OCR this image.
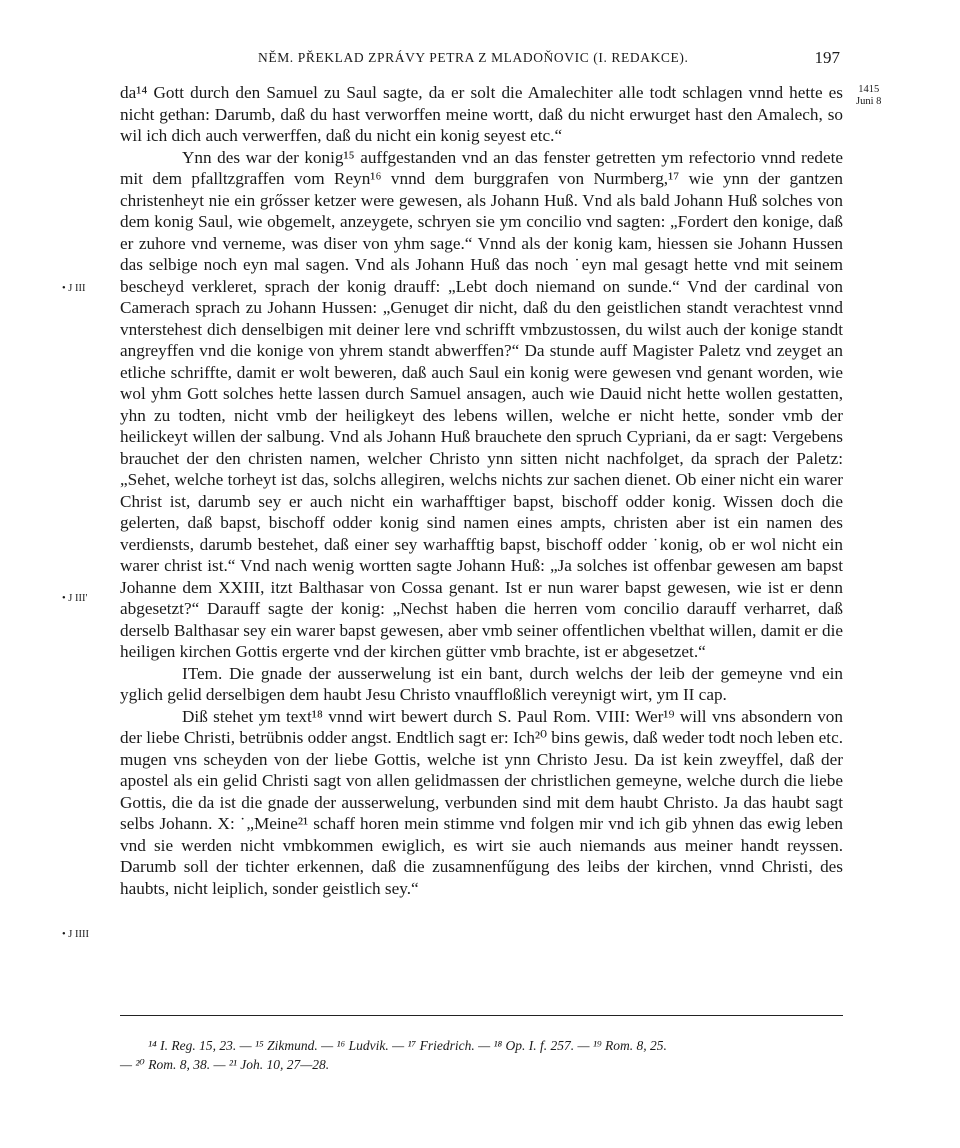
NĚM. PŘEKLAD ZPRÁVY PETRA Z MLADOŇOVIC (I. REDAKCE).	197
1415
Juni 8
• J III
• J III'
• J IIII

da¹⁴ Gott durch den Samuel zu Saul sagte, da er solt die Amalechiter alle todt schlagen vnnd hette es nicht gethan: Darumb, daß du hast verworffen meine wortt, daß du nicht erwurget hast den Amalech, so wil ich dich auch verwerffen, daß du nicht ein konig seyest etc.“

Ynn des war der konig¹⁵ auffgestanden vnd an das fenster getretten ym refectorio vnnd redete mit dem pfalltzgraffen vom Reyn¹⁶ vnnd dem burggrafen von Nurmberg,¹⁷ wie ynn der gantzen christenheyt nie ein grősser ketzer were gewesen, als Johann Huß. Vnd als bald Johann Huß solches von dem konig Saul, wie obgemelt, anzeygete, schryen sie ym concilio vnd sagten: „Fordert den konige, daß er zuhore vnd verneme, was diser von yhm sage.“ Vnnd als der konig kam, hiessen sie Johann Hussen das selbige noch eyn mal sagen. Vnd als Johann Huß das noch ˙eyn mal gesagt hette vnd mit seinem bescheyd verkleret, sprach der konig drauff: „Lebt doch niemand on sunde.“ Vnd der cardinal von Camerach sprach zu Johann Hussen: „Genuget dir nicht, daß du den geistlichen standt verachtest vnnd vnterstehest dich denselbigen mit deiner lere vnd schrifft vmbzustossen, du wilst auch der konige standt angreyffen vnd die konige von yhrem standt abwerffen?“ Da stunde auff Magister Paletz vnd zeyget an etliche schriffte, damit er wolt beweren, daß auch Saul ein konig were gewesen vnd genant worden, wie wol yhm Gott solches hette lassen durch Samuel ansagen, auch wie Dauid nicht hette wollen gestatten, yhn zu todten, nicht vmb der heiligkeyt des lebens willen, welche er nicht hette, sonder vmb der heilickeyt willen der salbung. Vnd als Johann Huß brauchete den spruch Cypriani, da er sagt: Vergebens brauchet der den christen namen, welcher Christo ynn sitten nicht nachfolget, da sprach der Paletz: „Sehet, welche torheyt ist das, solchs allegiren, welchs nichts zur sachen dienet. Ob einer nicht ein warer Christ ist, darumb sey er auch nicht ein warhafftiger bapst, bischoff odder konig. Wissen doch die gelerten, daß bapst, bischoff odder konig sind namen eines ampts, christen aber ist ein namen des verdiensts, darumb bestehet, daß einer sey warhafftig bapst, bischoff odder ˙konig, ob er wol nicht ein warer christ ist.“ Vnd nach wenig wortten sagte Johann Huß: „Ja solches ist offenbar gewesen am bapst Johanne dem XXIII, itzt Balthasar von Cossa genant. Ist er nun warer bapst gewesen, wie ist er denn abgesetzt?“ Darauff sagte der konig: „Nechst haben die herren vom concilio darauff verharret, daß derselb Balthasar sey ein warer bapst gewesen, aber vmb seiner offentlichen vbelthat willen, damit er die heiligen kirchen Gottis ergerte vnd der kirchen gütter vmb brachte, ist er abgesetzet.“

ITem. Die gnade der ausserwelung ist ein bant, durch welchs der leib der gemeyne vnd ein yglich gelid derselbigen dem haubt Jesu Christo vnauffloßlich vereynigt wirt, ym II cap.

Diß stehet ym text¹⁸ vnnd wirt bewert durch S. Paul Rom. VIII: Wer¹⁹ will vns absondern von der liebe Christi, betrübnis odder angst. Endtlich sagt er: Ich²⁰ bins gewis, daß weder todt noch leben etc. mugen vns scheyden von der liebe Gottis, welche ist ynn Christo Jesu. Da ist kein zweyffel, daß der apostel als ein gelid Christi sagt von allen gelidmassen der christlichen gemeyne, welche durch die liebe Gottis, die da ist die gnade der ausserwelung, verbunden sind mit dem haubt Christo. Ja das haubt sagt selbs Johann. X: ˙„Meine²¹ schaff horen mein stimme vnd folgen mir vnd ich gib yhnen das ewig leben vnd sie werden nicht vmbkommen ewiglich, es wirt sie auch niemands aus meiner handt reyssen. Darumb soll der tichter erkennen, daß die zusamnenfűgung des leibs der kirchen, vnnd Christi, des haubts, nicht leiplich, sonder geistlich sey.“

¹⁴ I. Reg. 15, 23. — ¹⁵ Zikmund. — ¹⁶ Ludvik. — ¹⁷ Friedrich. — ¹⁸ Op. I. f. 257. — ¹⁹ Rom. 8, 25.
— ²⁰ Rom. 8, 38. — ²¹ Joh. 10, 27—28.
